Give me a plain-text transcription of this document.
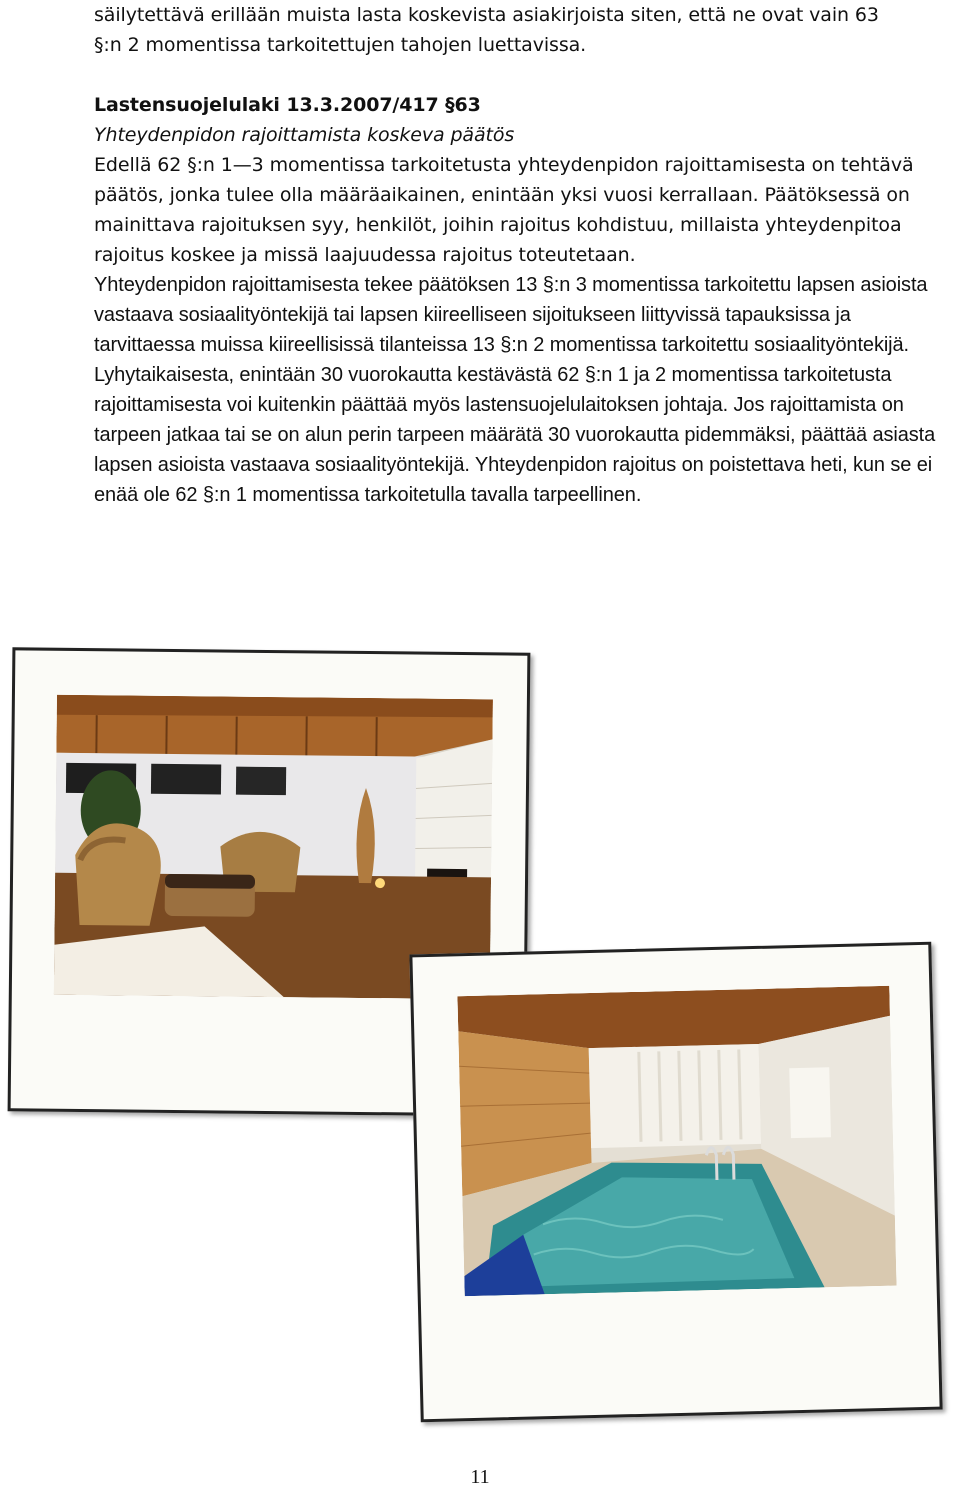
säilytettävä erillään muista lasta koskevista asiakirjoista siten, että ne ovat vain 63

§:n 2 momentissa tarkoitettujen tahojen luettavissa.

Lastensuojelulaki 13.3.2007/417 §63

Yhteydenpidon rajoittamista koskeva päätös

Edellä 62 §:n 1—3 momentissa tarkoitetusta yhteydenpidon rajoittamisesta on tehtävä päätös, jonka tulee olla määräaikainen, enintään yksi vuosi kerrallaan. Päätöksessä on mainittava rajoituksen syy, henkilöt, joihin rajoitus kohdistuu, millaista yhteydenpitoa rajoitus koskee ja missä laajuudessa rajoitus toteutetaan.

Yhteydenpidon rajoittamisesta tekee päätöksen 13 §:n 3 momentissa tarkoitettu lapsen asioista vastaava sosiaalityöntekijä tai lapsen kiireelliseen sijoitukseen liittyvissä tapauksissa ja tarvittaessa muissa kiireellisissä tilanteissa 13 §:n 2 momentissa tarkoitettu sosiaalityöntekijä. Lyhytaikaisesta, enintään 30 vuorokautta kestävästä 62 §:n 1 ja 2 momentissa tarkoitetusta rajoittamisesta voi kuitenkin päättää myös lastensuojelulaitoksen johtaja. Jos rajoittamista on tarpeen jatkaa tai se on alun perin tarpeen määrätä 30 vuorokautta pidemmäksi, päättää asiasta lapsen asioista vastaava sosiaalityöntekijä. Yhteydenpidon rajoitus on poistettava heti, kun se ei enää ole 62 §:n 1 momentissa tarkoitetulla tavalla tarpeellinen.

11
